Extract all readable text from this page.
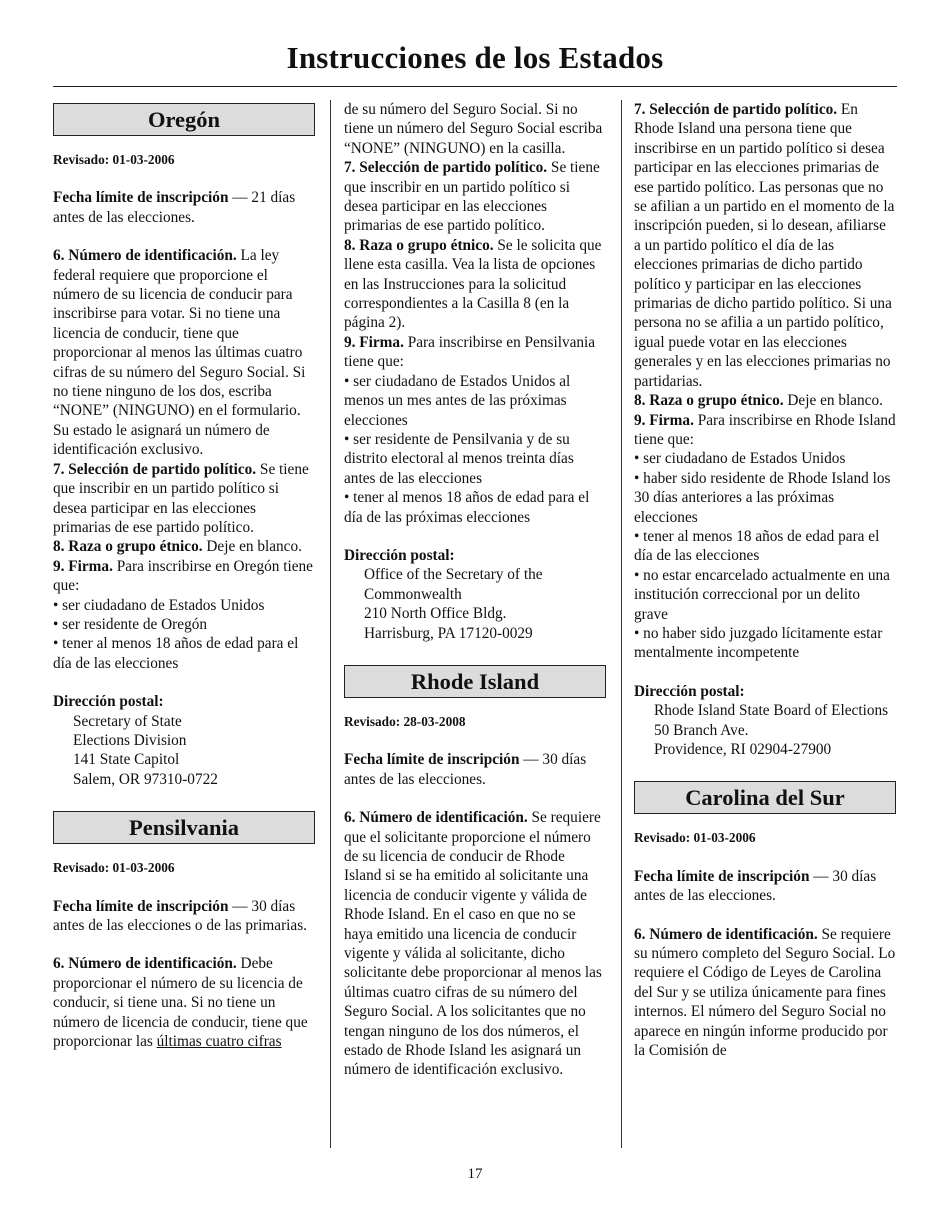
Instrucciones de los Estados
Oregón
Revisado: 01-03-2006
Fecha límite de inscripción — 21 días antes de las elecciones.
6. Número de identificación. La ley federal requiere que proporcione el número de su licencia de conducir para inscribirse para votar. Si no tiene una licencia de conducir, tiene que proporcionar al menos las últimas cuatro cifras de su número del Seguro Social. Si no tiene ninguno de los dos, escriba “NONE” (NINGUNO) en el formulario. Su estado le asignará un número de identificación exclusivo.
7. Selección de partido político. Se tiene que inscribir en un partido político si desea participar en las elecciones primarias de ese partido político.
8. Raza o grupo étnico. Deje en blanco.
9. Firma. Para inscribirse en Oregón tiene que:
• ser ciudadano de Estados Unidos
• ser residente de Oregón
• tener al menos 18 años de edad para el día de las elecciones
Dirección postal:
Secretary of State
Elections Division
141 State Capitol
Salem, OR 97310-0722
Pensilvania
Revisado: 01-03-2006
Fecha límite de inscripción — 30 días antes de las elecciones o de las primarias.
6. Número de identificación. Debe proporcionar el número de su licencia de conducir, si tiene una. Si no tiene un número de licencia de conducir, tiene que proporcionar las últimas cuatro cifras
de su número del Seguro Social. Si no tiene un número del Seguro Social escriba “NONE” (NINGUNO) en la casilla.
7. Selección de partido político. Se tiene que inscribir en un partido político si desea participar en las elecciones primarias de ese partido político.
8. Raza o grupo étnico. Se le solicita que llene esta casilla. Vea la lista de opciones en las Instrucciones para la solicitud correspondientes a la Casilla 8 (en la página 2).
9. Firma. Para inscribirse en Pensilvania tiene que:
• ser ciudadano de Estados Unidos al menos un mes antes de las próximas elecciones
• ser residente de Pensilvania y de su distrito electoral al menos treinta días antes de las elecciones
• tener al menos 18 años de edad para el día de las próximas elecciones
Dirección postal:
Office of the Secretary of the Commonwealth
210 North Office Bldg.
Harrisburg, PA 17120-0029
Rhode Island
Revisado: 28-03-2008
Fecha límite de inscripción — 30 días antes de las elecciones.
6. Número de identificación. Se requiere que el solicitante proporcione el número de su licencia de conducir de Rhode Island si se ha emitido al solicitante una licencia de conducir vigente y válida de Rhode Island. En el caso en que no se haya emitido una licencia de conducir vigente y válida al solicitante, dicho solicitante debe proporcionar al menos las últimas cuatro cifras de su número del Seguro Social. A los solicitantes que no tengan ninguno de los dos números, el estado de Rhode Island les asignará un número de identificación exclusivo.
7. Selección de partido político. En Rhode Island una persona tiene que inscribirse en un partido político si desea participar en las elecciones primarias de ese partido político. Las personas que no se afilian a un partido en el momento de la inscripción pueden, si lo desean, afiliarse a un partido político el día de las elecciones primarias de dicho partido político y participar en las elecciones primarias de dicho partido político. Si una persona no se afilia a un partido político, igual puede votar en las elecciones generales y en las elecciones primarias no partidarias.
8. Raza o grupo étnico. Deje en blanco.
9. Firma. Para inscribirse en Rhode Island tiene que:
• ser ciudadano de Estados Unidos
• haber sido residente de Rhode Island los 30 días anteriores a las próximas elecciones
• tener al menos 18 años de edad para el día de las elecciones
• no estar encarcelado actualmente en una institución correccional por un delito grave
• no haber sido juzgado lícitamente estar mentalmente incompetente
Dirección postal:
Rhode Island State Board of Elections
50 Branch Ave.
Providence, RI 02904-27900
Carolina del Sur
Revisado: 01-03-2006
Fecha límite de inscripción — 30 días antes de las elecciones.
6. Número de identificación. Se requiere su número completo del Seguro Social. Lo requiere el Código de Leyes de Carolina del Sur y se utiliza únicamente para fines internos. El número del Seguro Social no aparece en ningún informe producido por la Comisión de
17
